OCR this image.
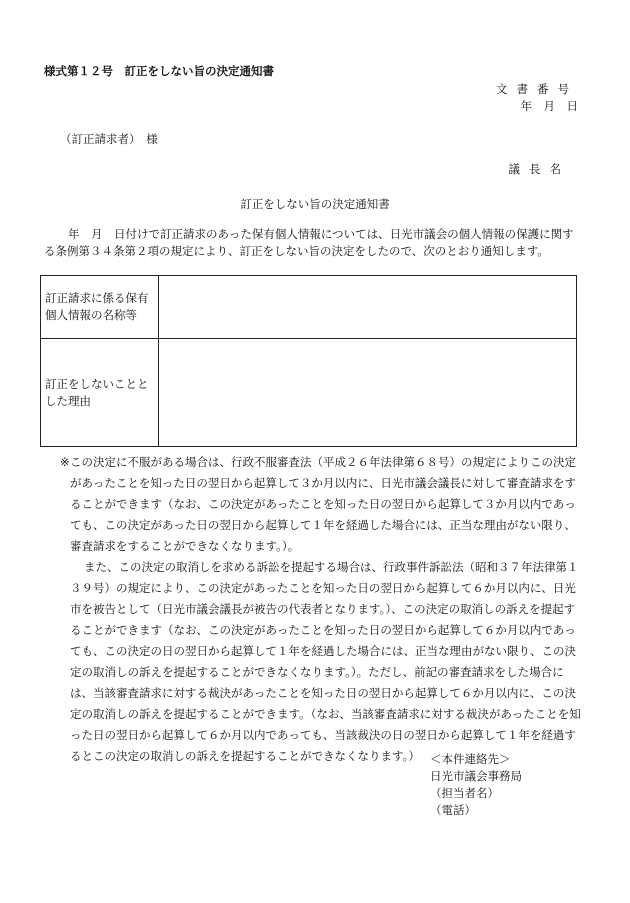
様式第１２号　訂正をしない旨の決定通知書
文書番号
年　月　日
（訂正請求者）　様
議長名
訂正をしない旨の決定通知書
年　月　日付けで訂正請求のあった保有個人情報については、日光市議会の個人情報の保護に関する条例第３４条第２項の規定により、訂正をしない旨の決定をしたので、次のとおり通知します。
訂正請求に係る保有個人情報の名称等	
訂正をしないこととした理由	
※ この決定に不服がある場合は、行政不服審査法（平成２６年法律第６８号）の規定によりこの決定があったことを知った日の翌日から起算して３か月以内に、日光市議会議長に対して審査請求をすることができます（なお、この決定があったことを知った日の翌日から起算して３か月以内であっても、この決定があった日の翌日から起算して１年を経過した場合には、正当な理由がない限り、審査請求をすることができなくなります。）。

また、この決定の取消しを求める訴訟を提起する場合は、行政事件訴訟法（昭和３７年法律第１３９号）の規定により、この決定があったことを知った日の翌日から起算して６か月以内に、日光市を被告として（日光市議会議長が被告の代表者となります。）、この決定の取消しの訴えを提起することができます（なお、この決定があったことを知った日の翌日から起算して６か月以内であっても、この決定の日の翌日から起算して１年を経過した場合には、正当な理由がない限り、この決定の取消しの訴えを提起することができなくなります。）。ただし、前記の審査請求をした場合には、当該審査請求に対する裁決があったことを知った日の翌日から起算して６か月以内に、この決定の取消しの訴えを提起することができます。（なお、当該審査請求に対する裁決があったことを知った日の翌日から起算して６か月以内であっても、当該裁決の日の翌日から起算して１年を経過するとこの決定の取消しの訴えを提起することができなくなります。） ＜本件連絡先＞
日光市議会事務局
（担当者名）
（電話）
